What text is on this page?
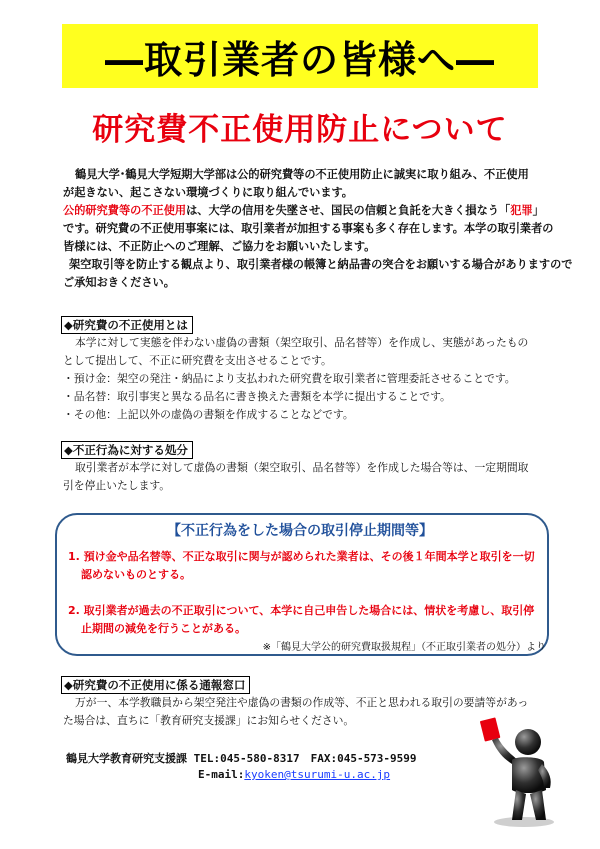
―取引業者の皆様へ―
研究費不正使用防止について
鶴見大学･鶴見大学短期大学部は公的研究費等の不正使用防止に誠実に取り組み、不正使用
が起きない、起こさない環境づくりに取り組んでいます。
公的研究費等の不正使用は、大学の信用を失墜させ、国民の信頼と負託を大きく損なう「犯罪」
です。研究費の不正使用事案には、取引業者が加担する事案も多く存在します。本学の取引業者の
皆様には、不正防止へのご理解、ご協力をお願いいたします。
架空取引等を防止する観点より、取引業者様の帳簿と納品書の突合をお願いする場合がありますので
ご承知おきください。
◆研究費の不正使用とは
本学に対して実態を伴わない虚偽の書類（架空取引、品名替等）を作成し、実態があったもの
として提出して、不正に研究費を支出させることです。
・預け金：架空の発注・納品により支払われた研究費を取引業者に管理委託させることです。
・品名替：取引事実と異なる品名に書き換えた書類を本学に提出することです。
・その他：上記以外の虚偽の書類を作成することなどです。
◆不正行為に対する処分
取引業者が本学に対して虚偽の書類（架空取引、品名替等）を作成した場合等は、一定期間取
引を停止いたします。
【不正行為をした場合の取引停止期間等】
1. 預け金や品名替等、不正な取引に関与が認められた業者は、その後１年間本学と取引を一切
認めないものとする。
2. 取引業者が過去の不正取引について、本学に自己申告した場合には、情状を考慮し、取引停
止期間の減免を行うことがある。
※「鶴見大学公的研究費取扱規程」（不正取引業者の処分）より
◆研究費の不正使用に係る通報窓口
万が一、本学教職員から架空発注や虚偽の書類の作成等、不正と思われる取引の要請等があっ
た場合は、直ちに「教育研究支援課」にお知らせください。
鶴見大学教育研究支援課 TEL:045-580-8317　FAX:045-573-9599
E-mail:kyoken@tsurumi-u.ac.jp
